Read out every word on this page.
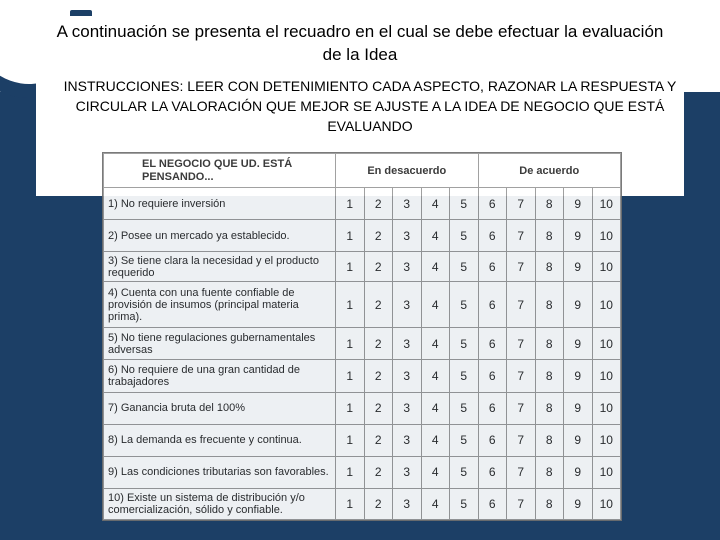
A continuación se presenta el recuadro en el cual se debe efectuar la evaluación de la Idea
INSTRUCCIONES: LEER CON DETENIMIENTO CADA ASPECTO, RAZONAR LA RESPUESTA Y CIRCULAR LA VALORACIÓN QUE MEJOR SE AJUSTE A LA IDEA DE NEGOCIO QUE ESTÁ EVALUANDO
EL NEGOCIO QUE UD. ESTÁ PENSANDO...	En desacuerdo					De acuerdo				
1) No requiere inversión	1	2	3	4	5	6	7	8	9	10
2) Posee un mercado ya establecido.	1	2	3	4	5	6	7	8	9	10
3) Se tiene clara la necesidad y el producto requerido	1	2	3	4	5	6	7	8	9	10
4) Cuenta con una fuente confiable de provisión de insumos (principal materia prima).	1	2	3	4	5	6	7	8	9	10
5) No tiene regulaciones gubernamentales adversas	1	2	3	4	5	6	7	8	9	10
6) No requiere de una gran cantidad de trabajadores	1	2	3	4	5	6	7	8	9	10
7) Ganancia bruta del 100%	1	2	3	4	5	6	7	8	9	10
8) La demanda es frecuente y continua.	1	2	3	4	5	6	7	8	9	10
9) Las condiciones tributarias son favorables.	1	2	3	4	5	6	7	8	9	10
10) Existe un sistema de distribución y/o comercialización, sólido y confiable.	1	2	3	4	5	6	7	8	9	10
